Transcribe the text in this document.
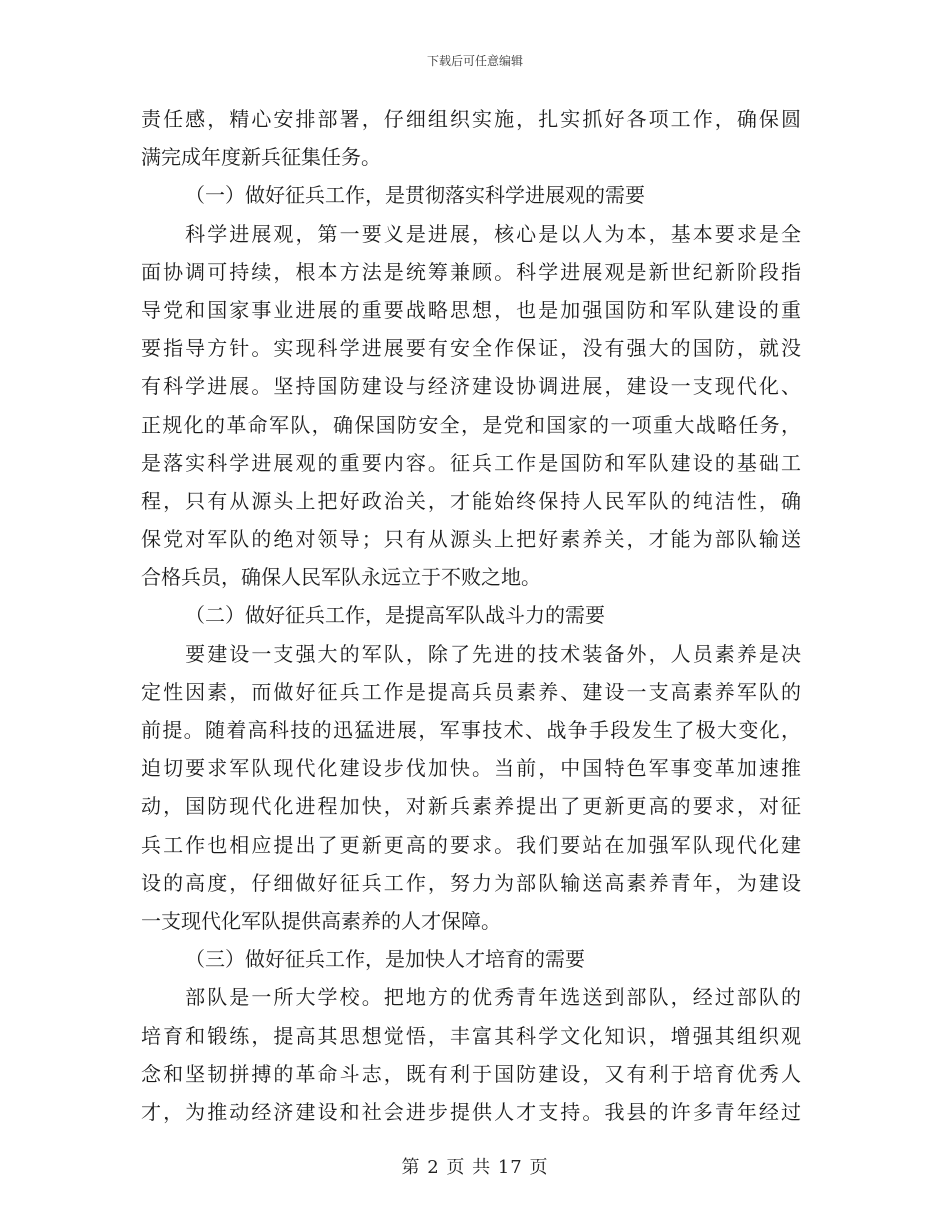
下载后可任意编辑
责任感，精心安排部署，仔细组织实施，扎实抓好各项工作，确保圆
满完成年度新兵征集任务。
（一）做好征兵工作，是贯彻落实科学进展观的需要
　　科学进展观，第一要义是进展，核心是以人为本，基本要求是全
面协调可持续，根本方法是统筹兼顾。科学进展观是新世纪新阶段指
导党和国家事业进展的重要战略思想，也是加强国防和军队建设的重
要指导方针。实现科学进展要有安全作保证，没有强大的国防，就没
有科学进展。坚持国防建设与经济建设协调进展，建设一支现代化、
正规化的革命军队，确保国防安全，是党和国家的一项重大战略任务，
是落实科学进展观的重要内容。征兵工作是国防和军队建设的基础工
程，只有从源头上把好政治关，才能始终保持人民军队的纯洁性，确
保党对军队的绝对领导；只有从源头上把好素养关，才能为部队输送
合格兵员，确保人民军队永远立于不败之地。
（二）做好征兵工作，是提高军队战斗力的需要
　　要建设一支强大的军队，除了先进的技术装备外，人员素养是决
定性因素，而做好征兵工作是提高兵员素养、建设一支高素养军队的
前提。随着高科技的迅猛进展，军事技术、战争手段发生了极大变化，
迫切要求军队现代化建设步伐加快。当前，中国特色军事变革加速推
动，国防现代化进程加快，对新兵素养提出了更新更高的要求，对征
兵工作也相应提出了更新更高的要求。我们要站在加强军队现代化建
设的高度，仔细做好征兵工作，努力为部队输送高素养青年，为建设
一支现代化军队提供高素养的人才保障。
（三）做好征兵工作，是加快人才培育的需要
　　部队是一所大学校。把地方的优秀青年选送到部队，经过部队的
培育和锻练，提高其思想觉悟，丰富其科学文化知识，增强其组织观
念和坚韧拼搏的革命斗志，既有利于国防建设，又有利于培育优秀人
才，为推动经济建设和社会进步提供人才支持。我县的许多青年经过
第 2 页 共 17 页
